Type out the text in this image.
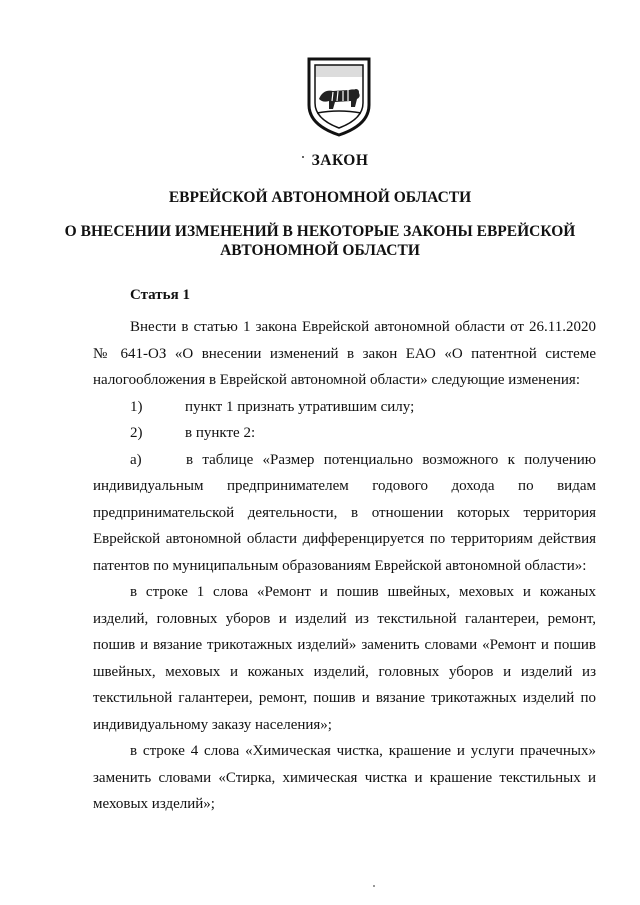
ЗАКОН
ЕВРЕЙСКОЙ АВТОНОМНОЙ ОБЛАСТИ
О ВНЕСЕНИИ ИЗМЕНЕНИЙ В НЕКОТОРЫЕ ЗАКОНЫ ЕВРЕЙСКОЙ
АВТОНОМНОЙ ОБЛАСТИ
Статья 1

Внести в статью 1 закона Еврейской автономной области от 26.11.2020 № 641-ОЗ «О внесении изменений в закон ЕАО «О патентной системе налогообложения в Еврейской автономной области» следующие изменения:

1)	пункт 1 признать утратившим силу;

2)	в пункте 2:

а)	в таблице «Размер потенциально возможного к получению индивидуальным предпринимателем годового дохода по видам предпринимательской деятельности, в отношении которых территория Еврейской автономной области дифференцируется по территориям действия патентов по муниципальным образованиям Еврейской автономной области»:

в строке 1 слова «Ремонт и пошив швейных, меховых и кожаных изделий, головных уборов и изделий из текстильной галантереи, ремонт, пошив и вязание трикотажных изделий» заменить словами «Ремонт и пошив швейных, меховых и кожаных изделий, головных уборов и изделий из текстильной галантереи, ремонт, пошив и вязание трикотажных изделий по индивидуальному заказу населения»;

в строке 4 слова «Химическая чистка, крашение и услуги прачечных» заменить словами «Стирка, химическая чистка и крашение текстильных и меховых изделий»;
